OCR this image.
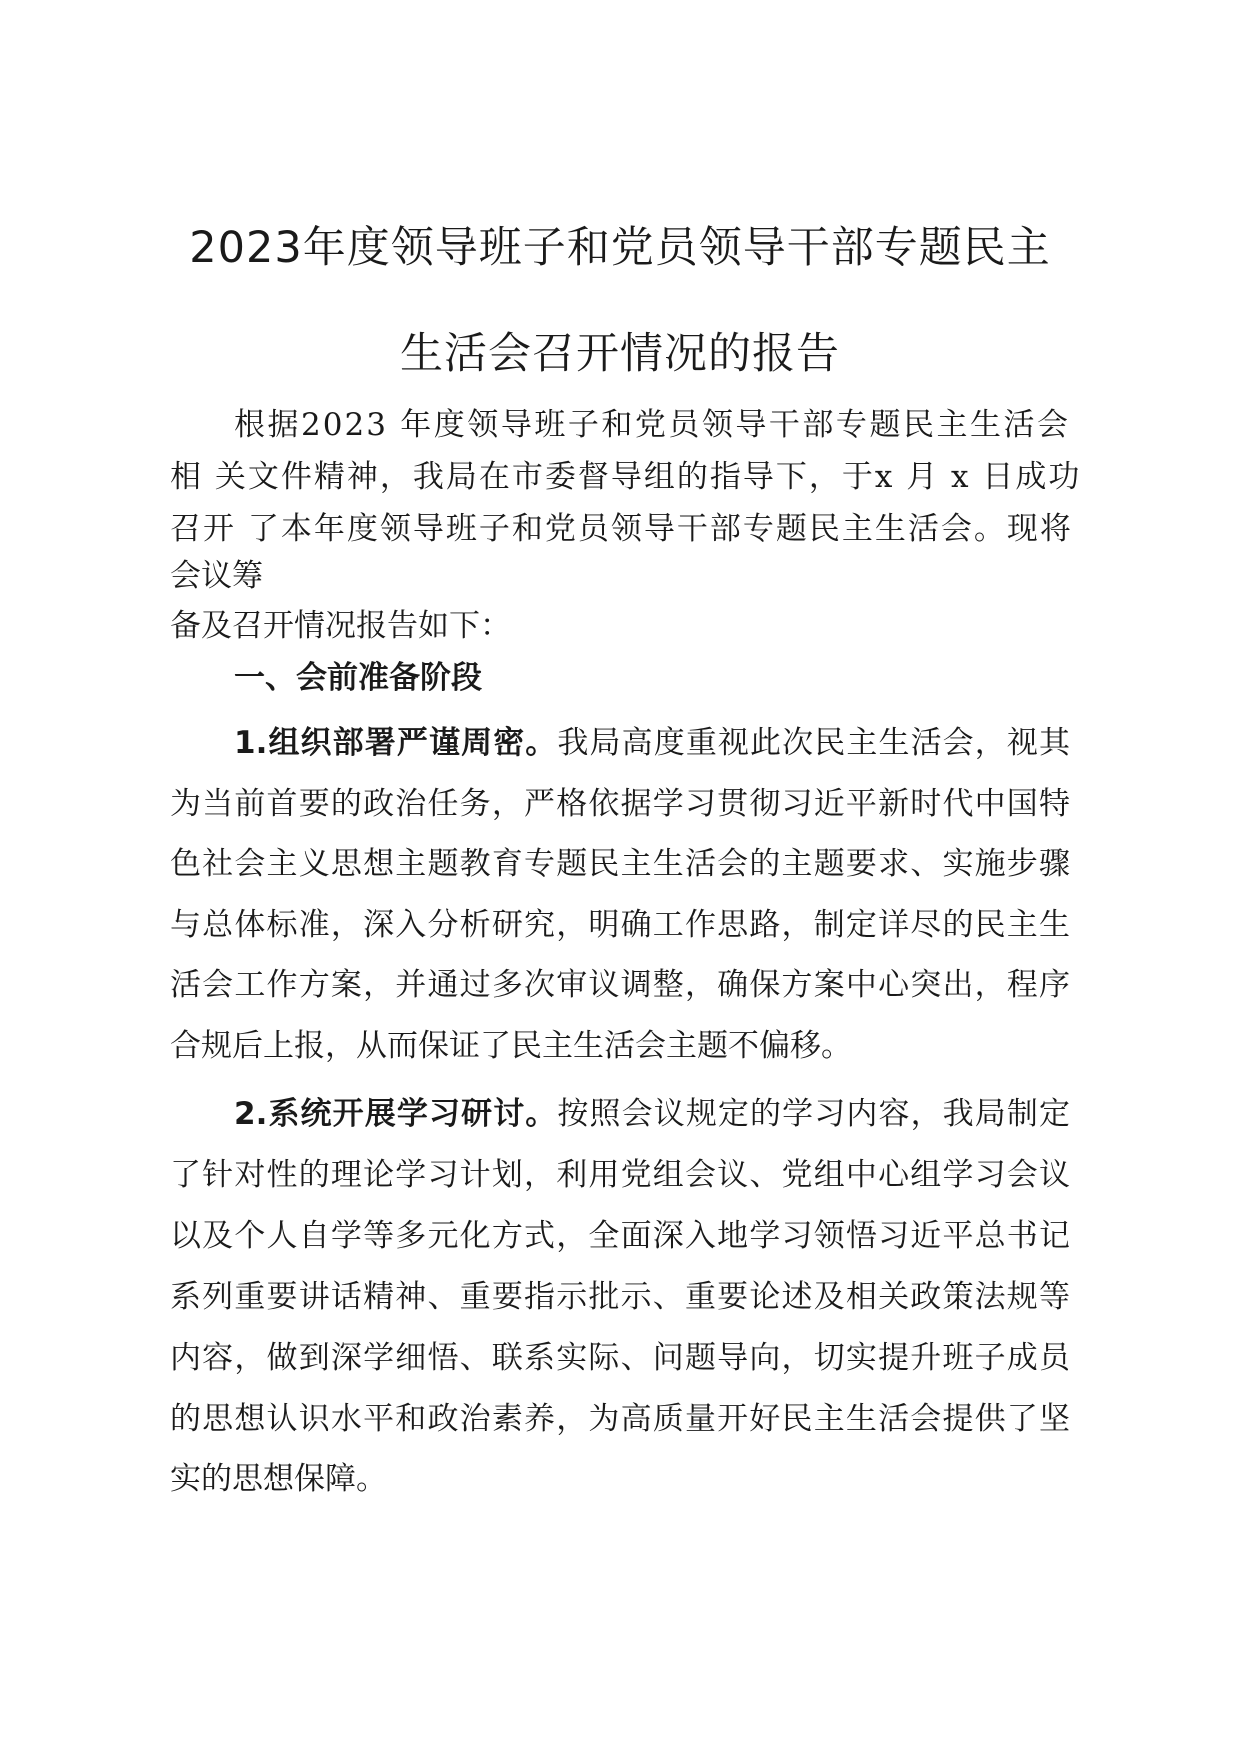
2023年度领导班子和党员领导干部专题民主
生活会召开情况的报告
根据2023 年度领导班子和党员领导干部专题民主生活会
相 关文件精神，我局在市委督导组的指导下，于x 月 x 日成功
召开 了本年度领导班子和党员领导干部专题民主生活会。现将
会议筹
备及召开情况报告如下：
一、会前准备阶段
1.组织部署严谨周密。我局高度重视此次民主生活会，视其
为当前首要的政治任务，严格依据学习贯彻习近平新时代中国特
色社会主义思想主题教育专题民主生活会的主题要求、实施步骤
与总体标准，深入分析研究，明确工作思路，制定详尽的民主生
活会工作方案，并通过多次审议调整，确保方案中心突出，程序
合规后上报，从而保证了民主生活会主题不偏移。
2.系统开展学习研讨。按照会议规定的学习内容，我局制定
了针对性的理论学习计划，利用党组会议、党组中心组学习会议
以及个人自学等多元化方式，全面深入地学习领悟习近平总书记
系列重要讲话精神、重要指示批示、重要论述及相关政策法规等
内容，做到深学细悟、联系实际、问题导向，切实提升班子成员
的思想认识水平和政治素养，为高质量开好民主生活会提供了坚
实的思想保障。
